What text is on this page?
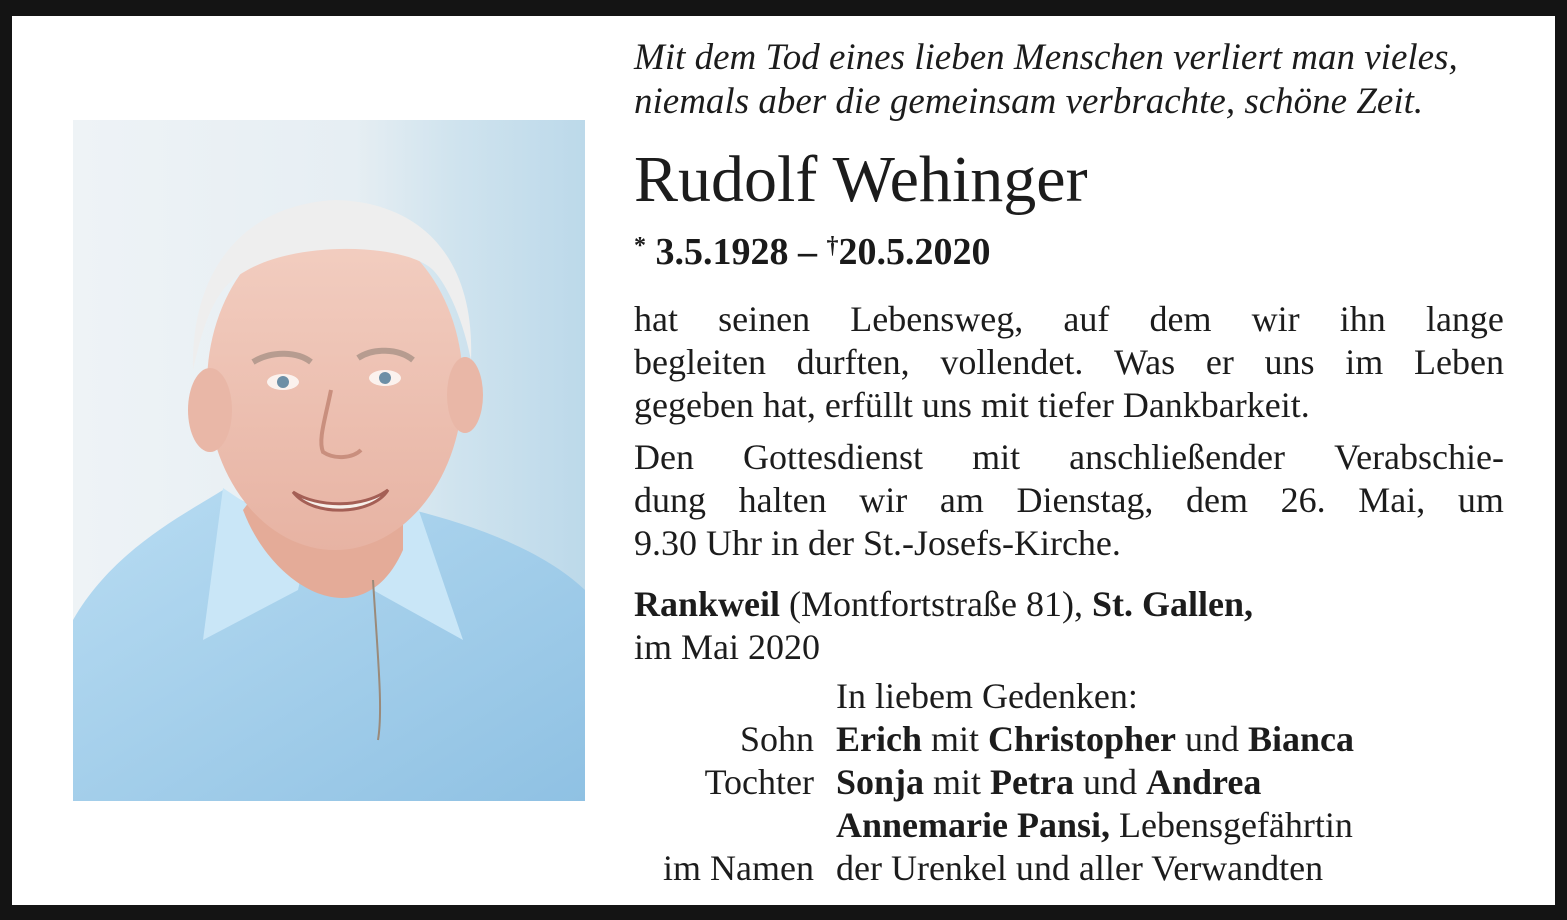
Mit dem Tod eines lieben Menschen verliert man vieles,
niemals aber die gemeinsam verbrachte, schöne Zeit.
Rudolf Wehinger
* 3.5.1928 – †20.5.2020
hat seinen Lebensweg, auf dem wir ihn lange
begleiten durften, vollendet. Was er uns im Leben
gegeben hat, erfüllt uns mit tiefer Dankbarkeit.
Den Gottesdienst mit anschließender Verabschie-
dung halten wir am Dienstag, dem 26. Mai, um
9.30 Uhr in der St.-Josefs-Kirche.
Rankweil (Montfortstraße 81), St. Gallen,
im Mai 2020
In liebem Gedenken:
Sohn Erich mit Christopher und Bianca
Tochter Sonja mit Petra und Andrea
Annemarie Pansi, Lebensgefährtin
im Namen der Urenkel und aller Verwandten
